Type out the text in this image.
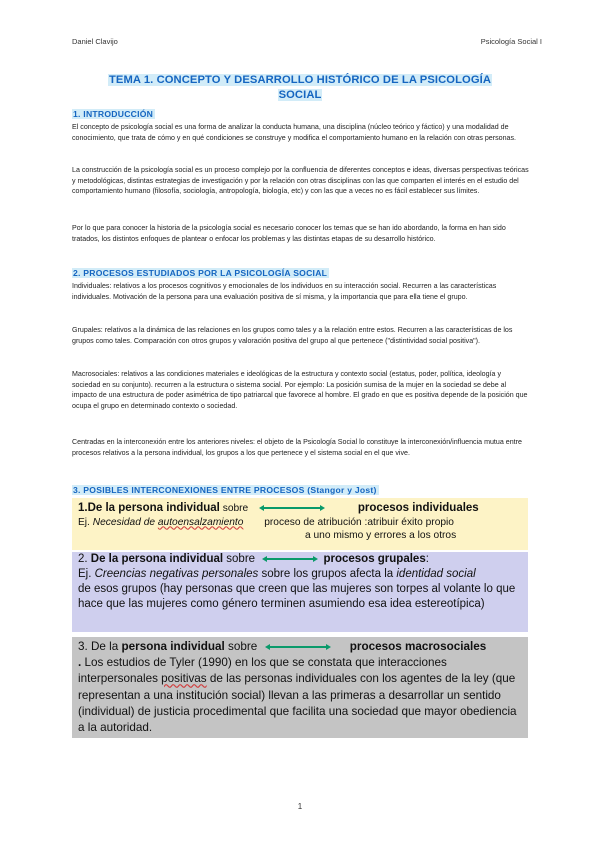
Daniel Clavijo	Psicología Social I
TEMA 1. CONCEPTO Y DESARROLLO HISTÓRICO DE LA PSICOLOGÍA
SOCIAL
1. INTRODUCCIÓN
El concepto de psicología social es una forma de analizar la conducta humana, una disciplina (núcleo teórico y fáctico) y una modalidad de conocimiento, que trata de cómo y en qué condiciones se construye y modifica el comportamiento humano en la relación con otras personas.
La construcción de la psicología social es un proceso complejo por la confluencia de diferentes conceptos e ideas, diversas perspectivas teóricas y metodológicas, distintas estrategias de investigación y por la relación con otras disciplinas con las que comparten el interés en el estudio del comportamiento humano (filosofía, sociología, antropología, biología, etc) y con las que a veces no es fácil establecer sus límites.
Por lo que para conocer la historia de la psicología social es necesario conocer los temas que se han ido abordando, la forma en han sido tratados, los distintos enfoques de plantear o enfocar los problemas y las distintas etapas de su desarrollo histórico.
2. PROCESOS ESTUDIADOS POR LA PSICOLOGÍA SOCIAL
Individuales: relativos a los procesos cognitivos y emocionales de los individuos en su interacción social. Recurren a las características individuales. Motivación de la persona para una evaluación positiva de sí misma, y la importancia que para ella tiene el grupo.
Grupales: relativos a la dinámica de las relaciones en los grupos como tales y a la relación entre estos. Recurren a las características de los grupos como tales. Comparación con otros grupos y valoración positiva del grupo al que pertenece ("distintividad social positiva").
Macrosociales: relativos a las condiciones materiales e ideológicas de la estructura y contexto social (estatus, poder, política, ideología y sociedad en su conjunto). recurren a la estructura o sistema social. Por ejemplo: La posición sumisa de la mujer en la sociedad se debe al impacto de una estructura de poder asimétrica de tipo patriarcal que favorece al hombre. El grado en que es positiva depende de la posición que ocupa el grupo en determinado contexto o sociedad.
Centradas en la interconexión entre los anteriores niveles: el objeto de la Psicología Social lo constituye la interconexión/influencia mutua entre procesos relativos a la persona individual, los grupos a los que pertenece y el sistema social en el que vive.
3. POSIBLES INTERCONEXIONES ENTRE PROCESOS (Stangor y Jost)
1.De la persona individual sobre	procesos individuales
Ej. Necesidad de autoensalzamiento proceso de atribución :atribuir éxito propio
a uno mismo y errores a los otros
2. De la persona individual sobre	procesos grupales:
Ej. Creencias negativas personales sobre los grupos afecta la identidad social
de esos grupos (hay personas que creen que las mujeres son torpes al volante lo que hace que las mujeres como género terminen asumiendo esa idea estereotípica)
3. De la persona individual sobre	procesos macrosociales
. Los estudios de Tyler (1990) en los que se constata que interacciones interpersonales positivas de las personas individuales con los agentes de la ley (que representan a una institución social) llevan a las primeras a desarrollar un sentido (individual) de justicia procedimental que facilita una sociedad que mayor obediencia a la autoridad.
1
